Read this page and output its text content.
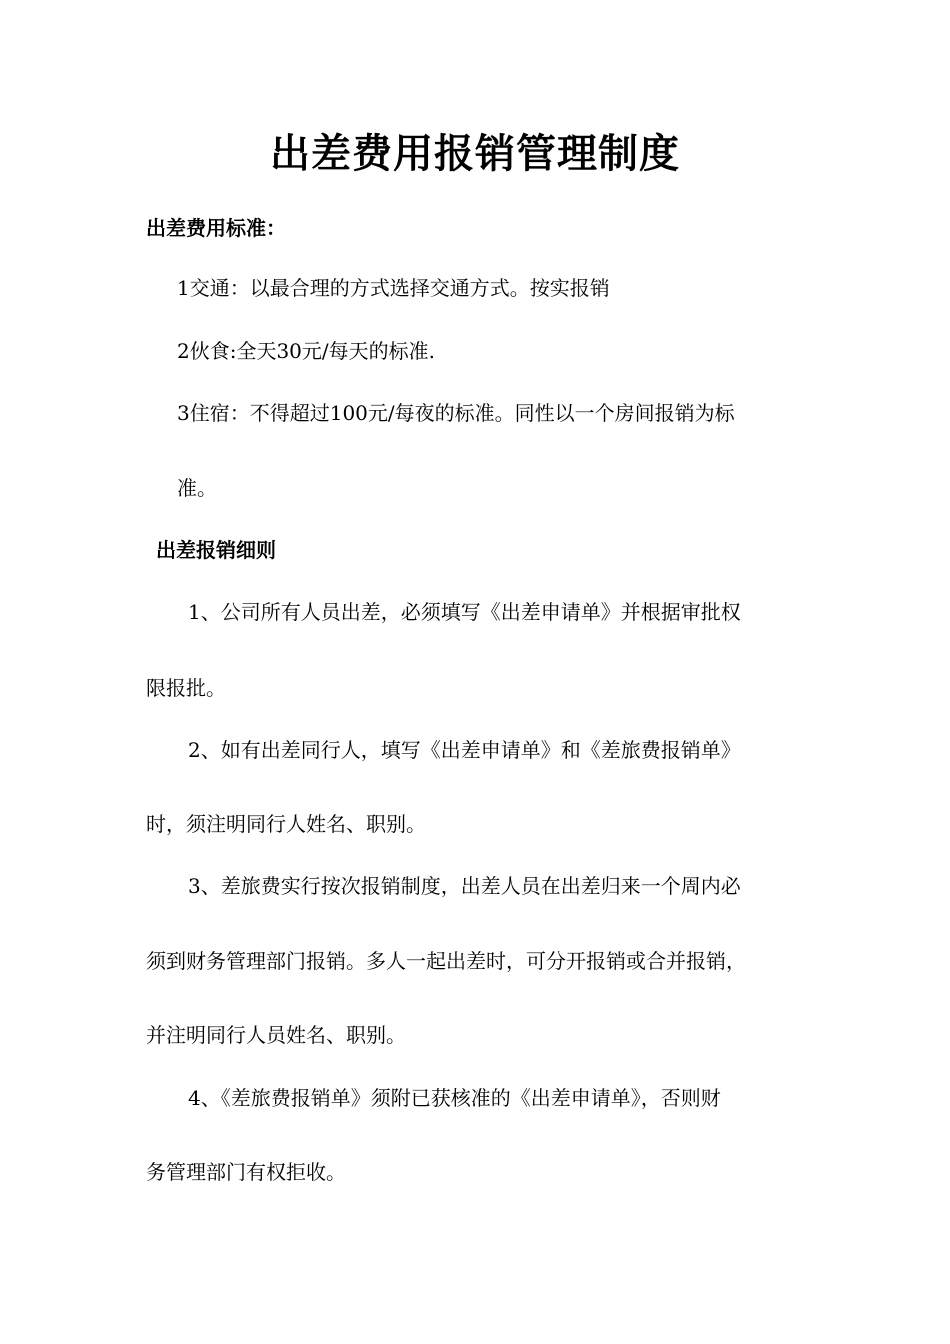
出差费用报销管理制度
出差费用标准：
1交通：以最合理的方式选择交通方式。按实报销
2伙食:全天30元/每天的标准.
3住宿：不得超过100元/每夜的标准。同性以一个房间报销为标
准。
出差报销细则
1、公司所有人员出差，必须填写《出差申请单》并根据审批权
限报批。
2、如有出差同行人，填写《出差申请单》和《差旅费报销单》
时，须注明同行人姓名、职别。
3、差旅费实行按次报销制度，出差人员在出差归来一个周内必
须到财务管理部门报销。多人一起出差时，可分开报销或合并报销，
并注明同行人员姓名、职别。
4、《差旅费报销单》须附已获核准的《出差申请单》，否则财
务管理部门有权拒收。
